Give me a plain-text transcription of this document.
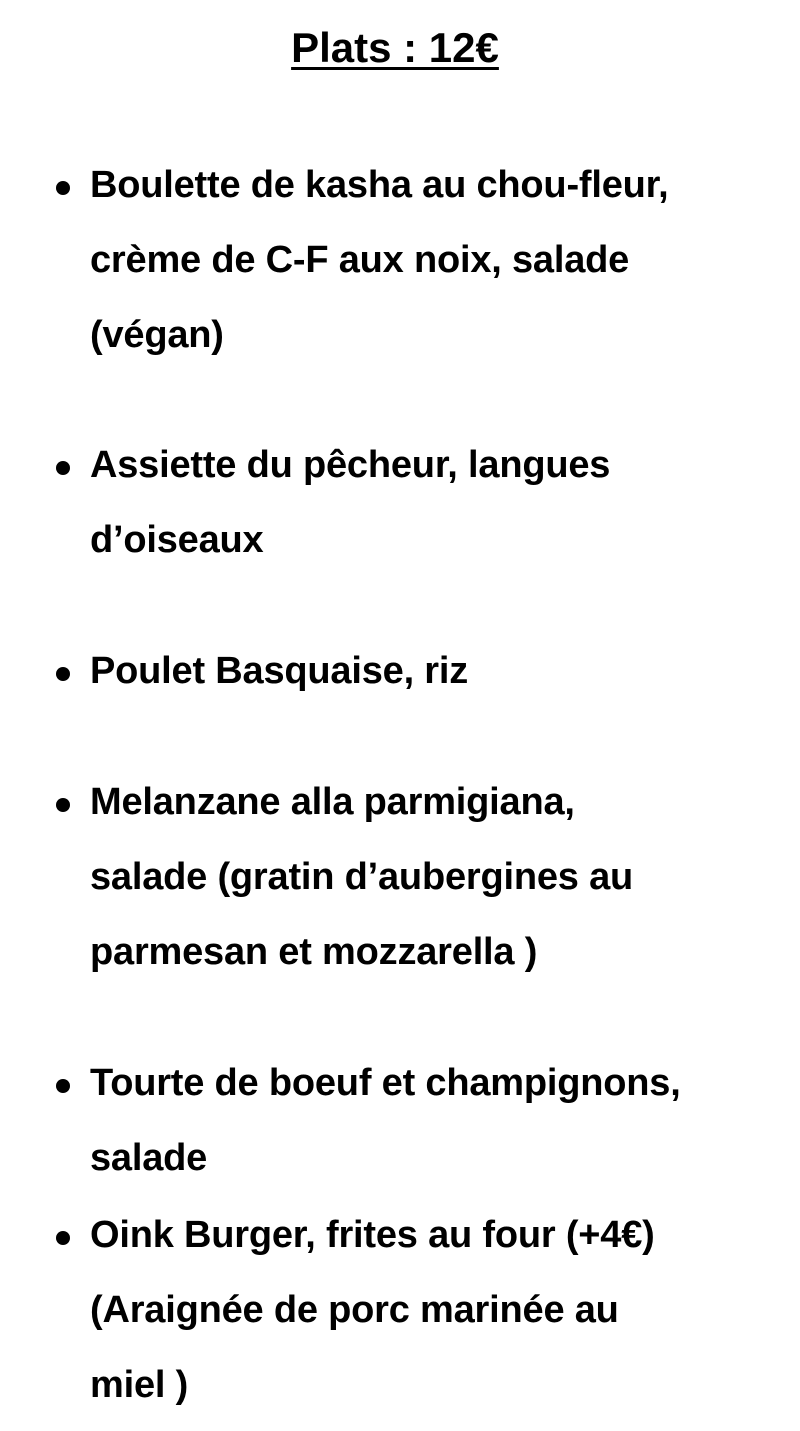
Plats : 12€
Boulette de kasha au chou-fleur,
crème de C-F aux noix, salade
(végan)
Assiette du pêcheur, langues
d’oiseaux
Poulet Basquaise, riz
Melanzane alla parmigiana,
salade (gratin d’aubergines au
parmesan et mozzarella )
Tourte de boeuf et champignons,
salade
Oink Burger, frites au four (+4€)
(Araignée de porc marinée au
miel )
